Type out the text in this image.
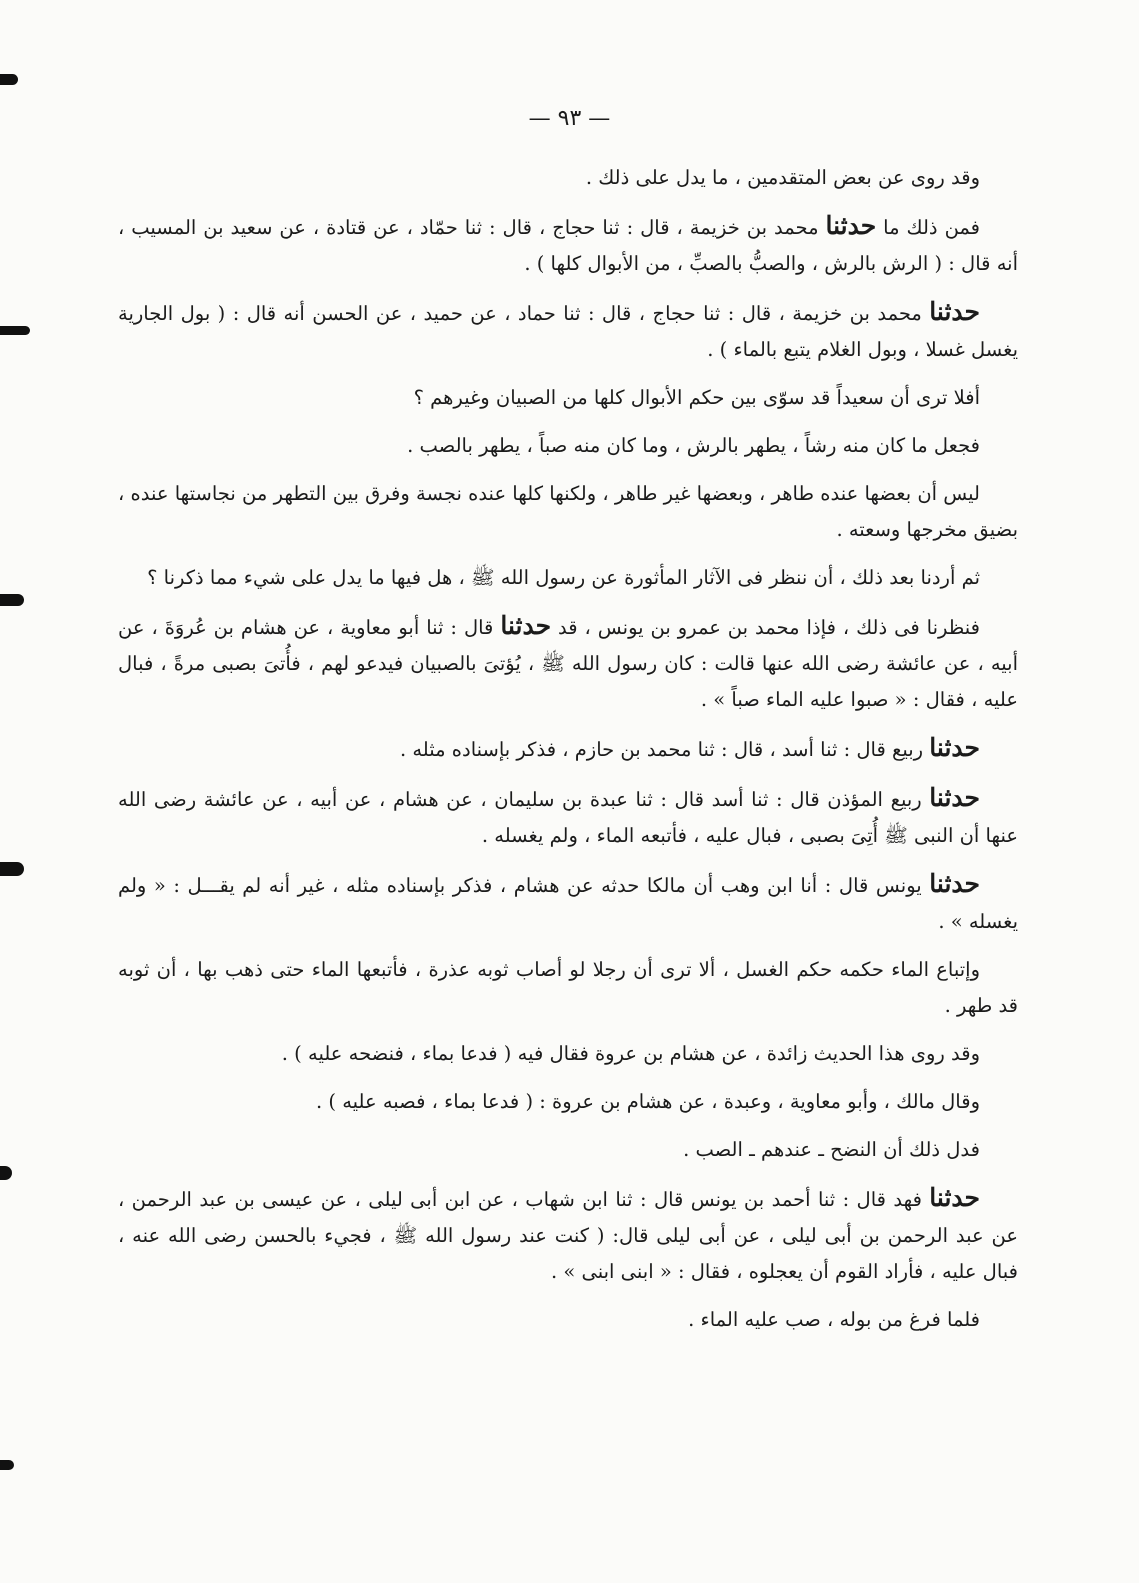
— ٩٣ —

وقد روى عن بعض المتقدمين ، ما يدل على ذلك .

فمن ذلك ما حدثنا محمد بن خزيمة ، قال : ثنا حجاج ، قال : ثنا حمّاد ، عن قتادة ، عن سعيد بن المسيب ، أنه قال : ( الرش بالرش ، والصبُّ بالصبِّ ، من الأبوال كلها ) .

حدثنا محمد بن خزيمة ، قال : ثنا حجاج ، قال : ثنا حماد ، عن حميد ، عن الحسن أنه قال : ( بول الجارية يغسل غسلا ، وبول الغلام يتبع بالماء ) .

أفلا ترى أن سعيداً قد سوّى بين حكم الأبوال كلها من الصبيان وغيرهم ؟

فجعل ما كان منه رشاً ، يطهر بالرش ، وما كان منه صباً ، يطهر بالصب .

ليس أن بعضها عنده طاهر ، وبعضها غير طاهر ، ولكنها كلها عنده نجسة وفرق بين التطهر من نجاستها عنده ، بضيق مخرجها وسعته .

ثم أردنا بعد ذلك ، أن ننظر فى الآثار المأثورة عن رسول الله ﷺ ، هل فيها ما يدل على شيء مما ذكرنا ؟

فنظرنا فى ذلك ، فإذا محمد بن عمرو بن يونس ، قد حدثنا قال : ثنا أبو معاوية ، عن هشام بن عُروَةَ ، عن أبيه ، عن عائشة رضى الله عنها قالت : كان رسول الله ﷺ ، يُؤتىَ بالصبيان فيدعو لهم ، فأُتىَ بصبى مرةً ، فبال عليه ، فقال : « صبوا عليه الماء صباً » .

حدثنا ربيع قال : ثنا أسد ، قال : ثنا محمد بن حازم ، فذكر بإسناده مثله .

حدثنا ربيع المؤذن قال : ثنا أسد قال : ثنا عبدة بن سليمان ، عن هشام ، عن أبيه ، عن عائشة رضى الله عنها أن النبى ﷺ أُتِىَ بصبى ، فبال عليه ، فأتبعه الماء ، ولم يغسله .

حدثنا يونس قال : أنا ابن وهب أن مالكا حدثه عن هشام ، فذكر بإسناده مثله ، غير أنه لم يقـــل : « ولم يغسله » .

وإتباع الماء حكمه حكم الغسل ، ألا ترى أن رجلا لو أصاب ثوبه عذرة ، فأتبعها الماء حتى ذهب بها ، أن ثوبه قد طهر .

وقد روى هذا الحديث زائدة ، عن هشام بن عروة فقال فيه ( فدعا بماء ، فنضحه عليه ) .

وقال مالك ، وأبو معاوية ، وعبدة ، عن هشام بن عروة : ( فدعا بماء ، فصبه عليه ) .

فدل ذلك أن النضح ـ عندهم ـ الصب .

حدثنا فهد قال : ثنا أحمد بن يونس قال : ثنا ابن شهاب ، عن ابن أبى ليلى ، عن عيسى بن عبد الرحمن ، عن عبد الرحمن بن أبى ليلى ، عن أبى ليلى قال: ( كنت عند رسول الله ﷺ ، فجيء بالحسن رضى الله عنه ، فبال عليه ، فأراد القوم أن يعجلوه ، فقال : « ابنى ابنى » .

فلما فرغ من بوله ، صب عليه الماء .
